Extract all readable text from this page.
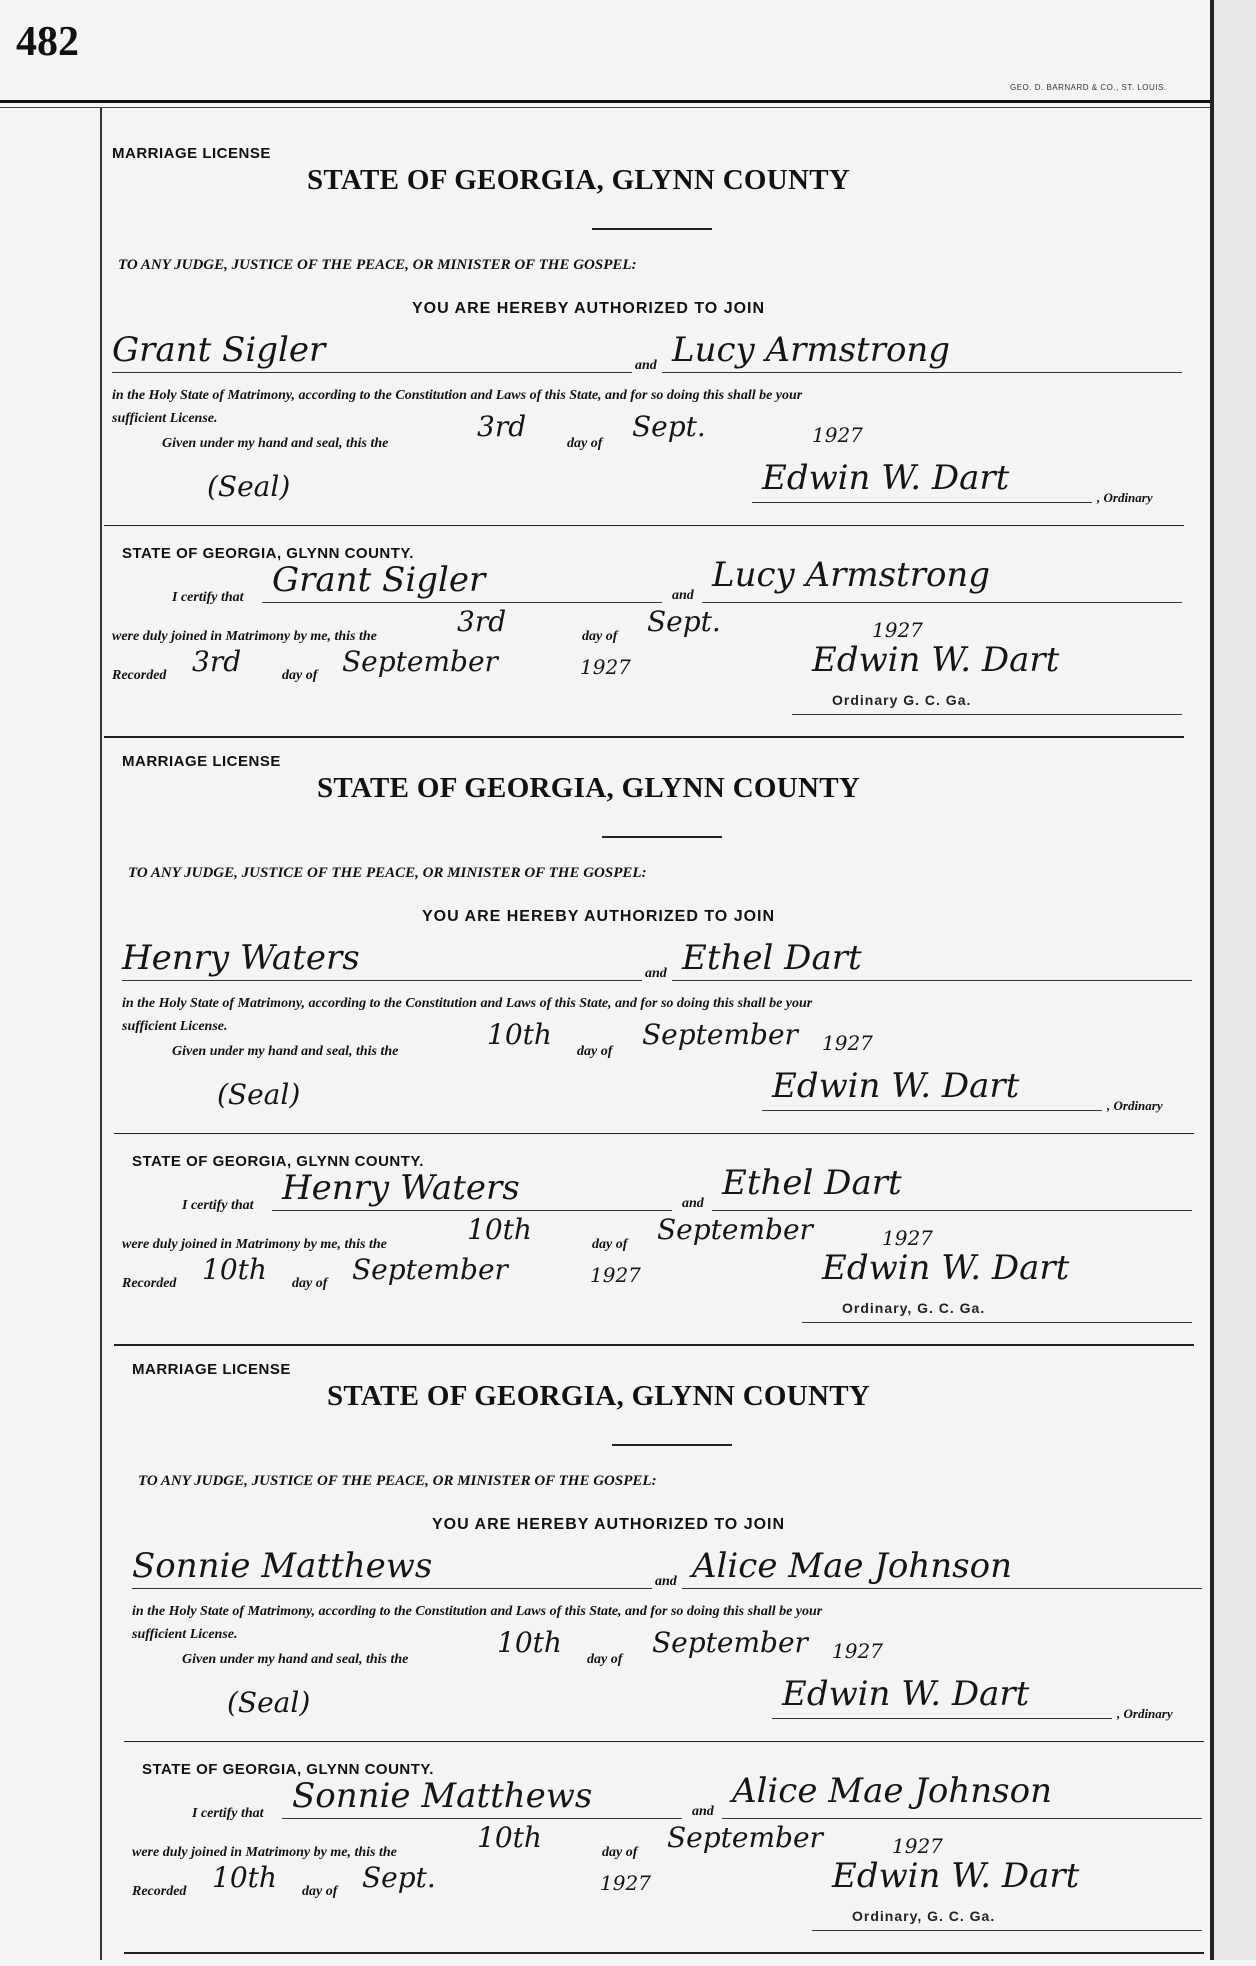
482
GEO. D. BARNARD & CO., ST. LOUIS.
MARRIAGE LICENSE
STATE OF GEORGIA, GLYNN COUNTY
TO ANY JUDGE, JUSTICE OF THE PEACE, OR MINISTER OF THE GOSPEL:
YOU ARE HEREBY AUTHORIZED TO JOIN
Grant Sigler	and Lucy Armstrong
in the Holy State of Matrimony, according to the Constitution and Laws of this State, and for so doing this shall be your
sufficient License.
Given under my hand and seal, this the
3rd
day of
Sept.	1927
(Seal)	Edwin W. Dart	, Ordinary
STATE OF GEORGIA, GLYNN COUNTY.
I certify that Grant Sigler	and
Lucy Armstrong
were duly joined in Matrimony by me, this the	3rd	day of Sept.	1927
Recorded 3rd	day of September	1927	Edwin W. Dart
Ordinary G. C. Ga.
MARRIAGE LICENSE
STATE OF GEORGIA, GLYNN COUNTY
TO ANY JUDGE, JUSTICE OF THE PEACE, OR MINISTER OF THE GOSPEL:
YOU ARE HEREBY AUTHORIZED TO JOIN
Henry Waters	and Ethel Dart
in the Holy State of Matrimony, according to the Constitution and Laws of this State, and for so doing this shall be your
sufficient License.
Given under my hand and seal, this the
10th
day of
September 1927
(Seal)	Edwin W. Dart	, Ordinary
STATE OF GEORGIA, GLYNN COUNTY.
I certify that Henry Waters	and
Ethel Dart
were duly joined in Matrimony by me, this the	10th	day of September	1927
Recorded 10th day of September	1927	Edwin W. Dart
Ordinary, G. C. Ga.
MARRIAGE LICENSE
STATE OF GEORGIA, GLYNN COUNTY
TO ANY JUDGE, JUSTICE OF THE PEACE, OR MINISTER OF THE GOSPEL:
YOU ARE HEREBY AUTHORIZED TO JOIN
Sonnie Matthews	and Alice Mae Johnson
in the Holy State of Matrimony, according to the Constitution and Laws of this State, and for so doing this shall be your
sufficient License.
Given under my hand and seal, this the
10th
day of
September 1927
(Seal)	Edwin W. Dart	, Ordinary
STATE OF GEORGIA, GLYNN COUNTY.
I certify that Sonnie Matthews	and
Alice Mae Johnson
were duly joined in Matrimony by me, this the	10th	day of September	1927
Recorded 10th day of Sept.	1927	Edwin W. Dart
Ordinary, G. C. Ga.
